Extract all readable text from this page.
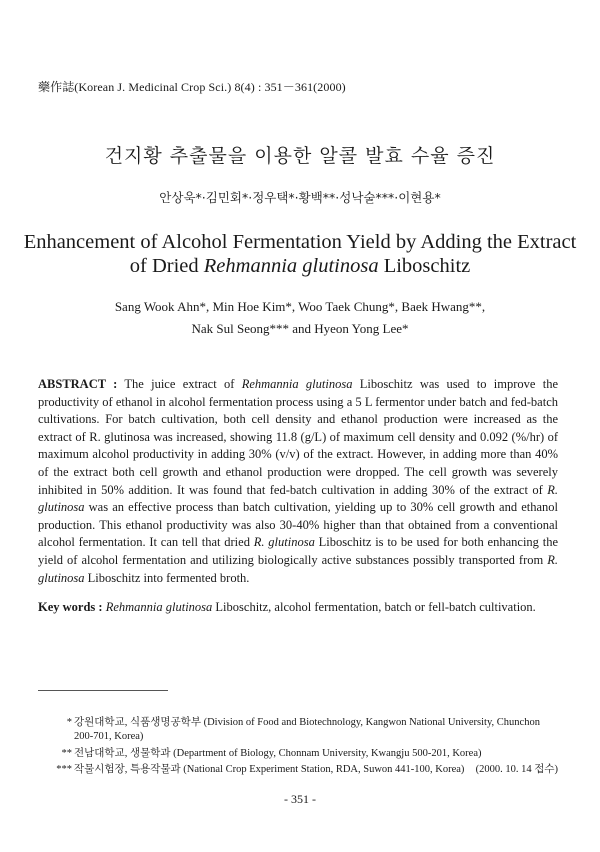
藥作誌(Korean J. Medicinal Crop Sci.) 8(4) : 351－361(2000)
건지황 추출물을 이용한 알콜 발효 수율 증진
안상욱*·김민회*·정우택*·황백**·성낙술***·이현용*
Enhancement of Alcohol Fermentation Yield by Adding the Extract
of Dried Rehmannia glutinosa Liboschitz
Sang Wook Ahn*, Min Hoe Kim*, Woo Taek Chung*, Baek Hwang**,
Nak Sul Seong*** and Hyeon Yong Lee*

ABSTRACT : The juice extract of Rehmannia glutinosa Liboschitz was used to improve the productivity of ethanol in alcohol fermentation process using a 5 L fermentor under batch and fed-batch cultivations. For batch cultivation, both cell density and ethanol production were increased as the extract of R. glutinosa was increased, showing 11.8 (g/L) of maximum cell density and 0.092 (%/hr) of maximum alcohol productivity in adding 30% (v/v) of the extract. However, in adding more than 40% of the extract both cell growth and ethanol production were dropped. The cell growth was severely inhibited in 50% addition. It was found that fed-batch cultivation in adding 30% of the extract of R. glutinosa was an effective process than batch cultivation, yielding up to 30% cell growth and ethanol production. This ethanol productivity was also 30-40% higher than that obtained from a conventional alcohol fermentation. It can tell that dried R. glutinosa Liboschitz is to be used for both enhancing the yield of alcohol fermentation and utilizing biologically active substances possibly transported from R. glutinosa Liboschitz into fermented broth.

Key words : Rehmannia glutinosa Liboschitz, alcohol fermentation, batch or fell-batch cultivation.

* 강원대학교, 식품생명공학부 (Division of Food and Biotechnology, Kangwon National University, Chunchon 200-701, Korea)
** 전남대학교, 생물학과 (Department of Biology, Chonnam University, Kwangju 500-201, Korea)
*** 작물시험장, 특용작물과 (National Crop Experiment Station, RDA, Suwon 441-100, Korea)	(2000. 10. 14 접수)
- 351 -
